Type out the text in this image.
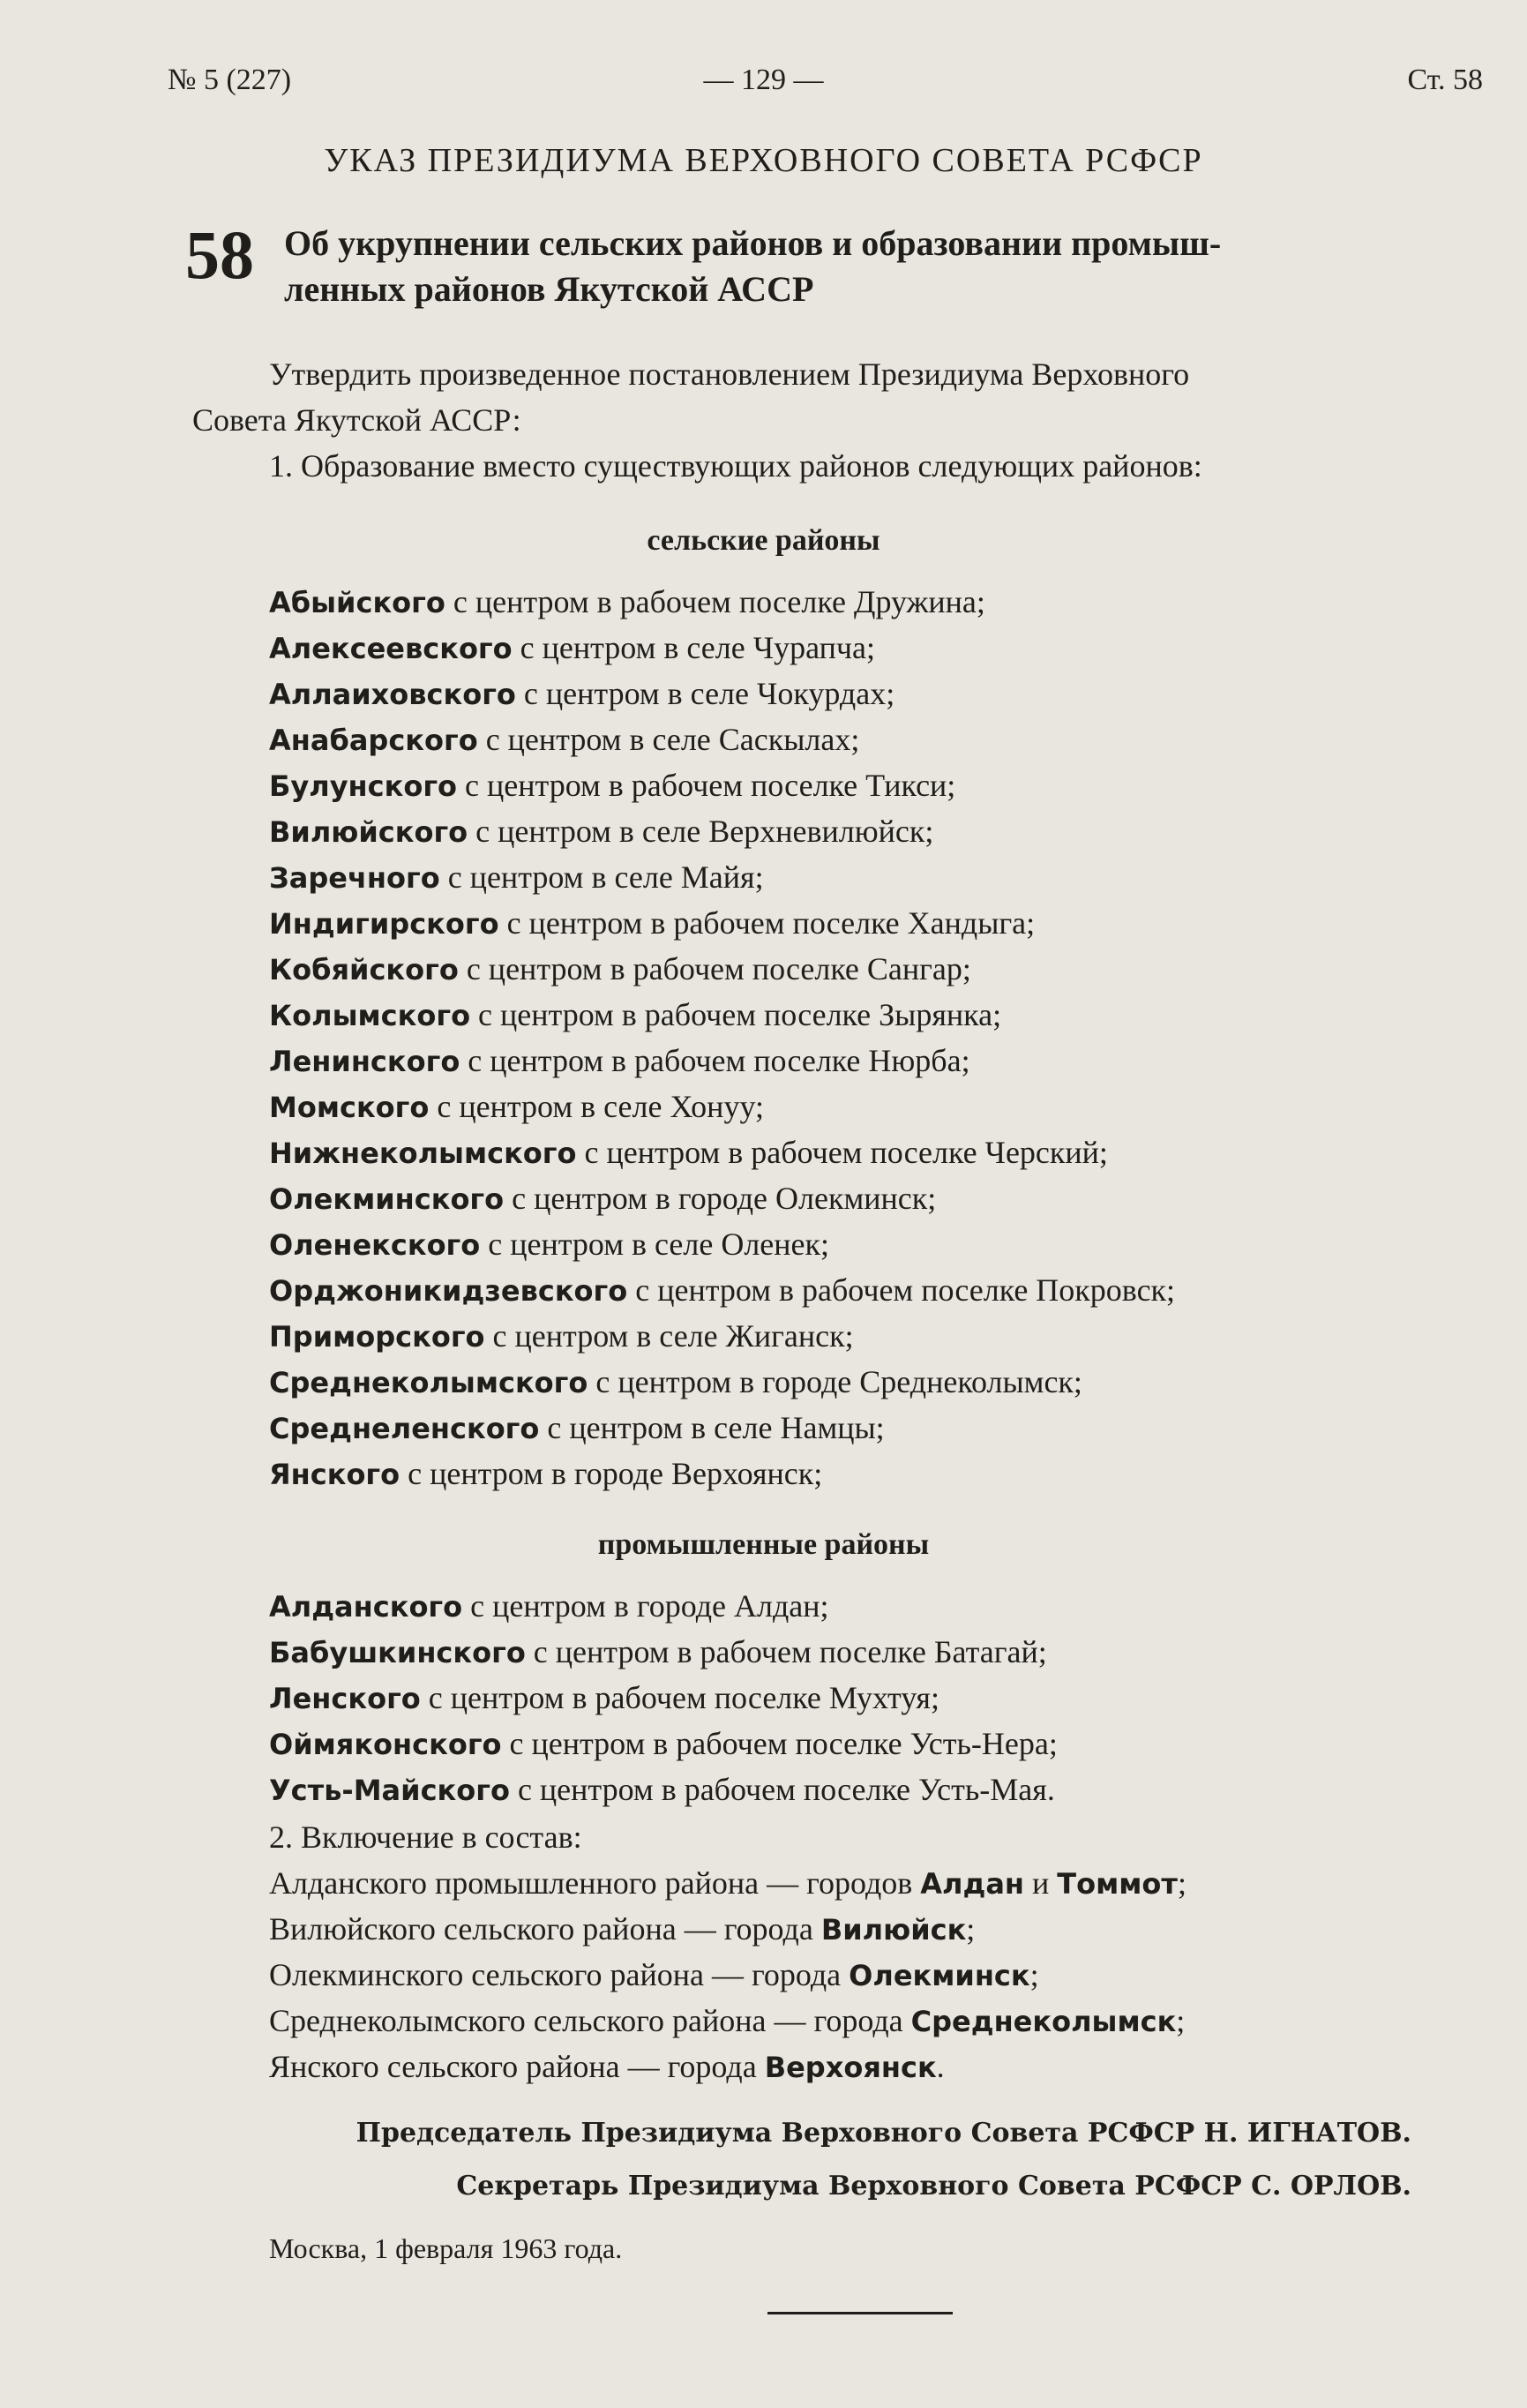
№ 5 (227)	— 129 —	Ст. 58
УКАЗ ПРЕЗИДИУМА ВЕРХОВНОГО СОВЕТА РСФСР
58 Об укрупнении сельских районов и образовании промыш-
ленных районов Якутской АССР
Утвердить произведенное постановлением Президиума Верховного
Совета Якутской АССР:
1. Образование вместо существующих районов следующих районов:
сельские районы
Абыйского с центром в рабочем поселке Дружина;
Алексеевского с центром в селе Чурапча;
Аллаиховского с центром в селе Чокурдах;
Анабарского с центром в селе Саскылах;
Булунского с центром в рабочем поселке Тикси;
Вилюйского с центром в селе Верхневилюйск;
Заречного с центром в селе Майя;
Индигирского с центром в рабочем поселке Хандыга;
Кобяйского с центром в рабочем поселке Сангар;
Колымского с центром в рабочем поселке Зырянка;
Ленинского с центром в рабочем поселке Нюрба;
Момского с центром в селе Хонуу;
Нижнеколымского с центром в рабочем поселке Черский;
Олекминского с центром в городе Олекминск;
Оленекского с центром в селе Оленек;
Орджоникидзевского с центром в рабочем поселке Покровск;
Приморского с центром в селе Жиганск;
Среднеколымского с центром в городе Среднеколымск;
Среднеленского с центром в селе Намцы;
Янского с центром в городе Верхоянск;
промышленные районы
Алданского с центром в городе Алдан;
Бабушкинского с центром в рабочем поселке Батагай;
Ленского с центром в рабочем поселке Мухтуя;
Оймяконского с центром в рабочем поселке Усть-Нера;
Усть-Майского с центром в рабочем поселке Усть-Мая.
2. Включение в состав:
Алданского промышленного района — городов Алдан и Томмот;
Вилюйского сельского района — города Вилюйск;
Олекминского сельского района — города Олекминск;
Среднеколымского сельского района — города Среднеколымск;
Янского сельского района — города Верхоянск.
Председатель Президиума Верховного Совета РСФСР Н. ИГНАТОВ.
Секретарь Президиума Верховного Совета РСФСР С. ОРЛОВ.
Москва, 1 февраля 1963 года.
